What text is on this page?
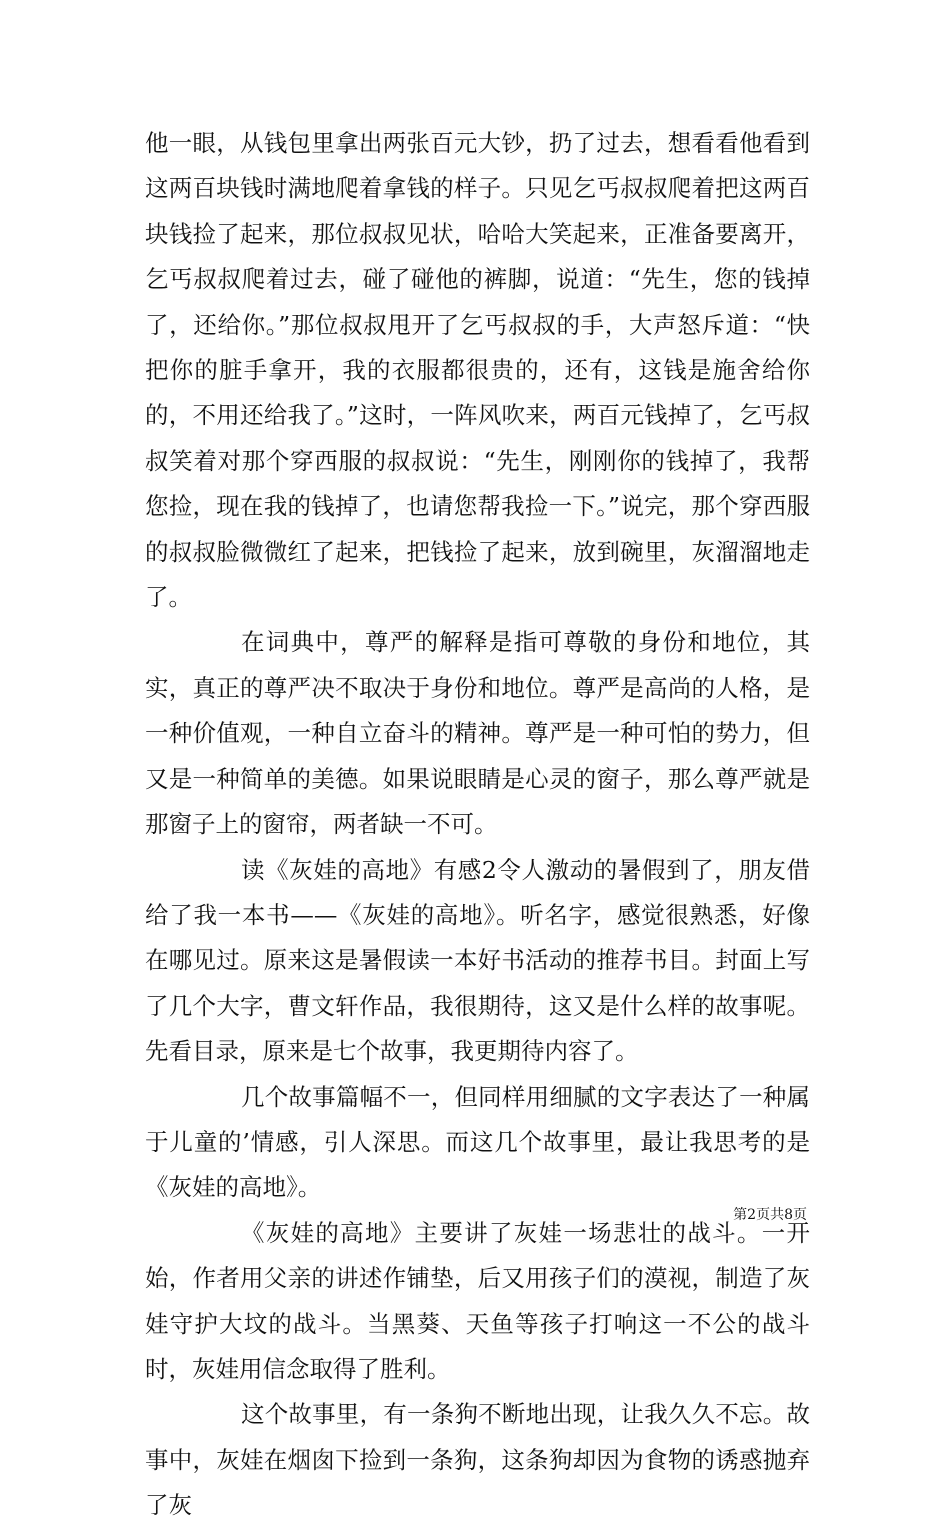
他一眼，从钱包里拿出两张百元大钞，扔了过去，想看看他看到这两百块钱时满地爬着拿钱的样子。只见乞丐叔叔爬着把这两百块钱捡了起来，那位叔叔见状，哈哈大笑起来，正准备要离开，乞丐叔叔爬着过去，碰了碰他的裤脚，说道：“先生，您的钱掉了，还给你。”那位叔叔甩开了乞丐叔叔的手，大声怒斥道：“快把你的脏手拿开，我的衣服都很贵的，还有，这钱是施舍给你的，不用还给我了。”这时，一阵风吹来，两百元钱掉了，乞丐叔叔笑着对那个穿西服的叔叔说：“先生，刚刚你的钱掉了，我帮您捡，现在我的钱掉了，也请您帮我捡一下。”说完，那个穿西服的叔叔脸微微红了起来，把钱捡了起来，放到碗里，灰溜溜地走了。

在词典中，尊严的解释是指可尊敬的身份和地位，其实，真正的尊严决不取决于身份和地位。尊严是高尚的人格，是一种价值观，一种自立奋斗的精神。尊严是一种可怕的势力，但又是一种简单的美德。如果说眼睛是心灵的窗子，那么尊严就是那窗子上的窗帘，两者缺一不可。

读《灰娃的高地》有感2令人激动的暑假到了，朋友借给了我一本书——《灰娃的高地》。听名字，感觉很熟悉，好像在哪见过。原来这是暑假读一本好书活动的推荐书目。封面上写了几个大字，曹文轩作品，我很期待，这又是什么样的故事呢。先看目录，原来是七个故事，我更期待内容了。

几个故事篇幅不一，但同样用细腻的文字表达了一种属于儿童的’情感，引人深思。而这几个故事里，最让我思考的是《灰娃的高地》。

《灰娃的高地》主要讲了灰娃一场悲壮的战斗。一开始，作者用父亲的讲述作铺垫，后又用孩子们的漠视，制造了灰娃守护大坟的战斗。当黑葵、天鱼等孩子打响这一不公的战斗时，灰娃用信念取得了胜利。

这个故事里，有一条狗不断地出现，让我久久不忘。故事中，灰娃在烟囱下捡到一条狗，这条狗却因为食物的诱惑抛弃了灰

第2页共8页
